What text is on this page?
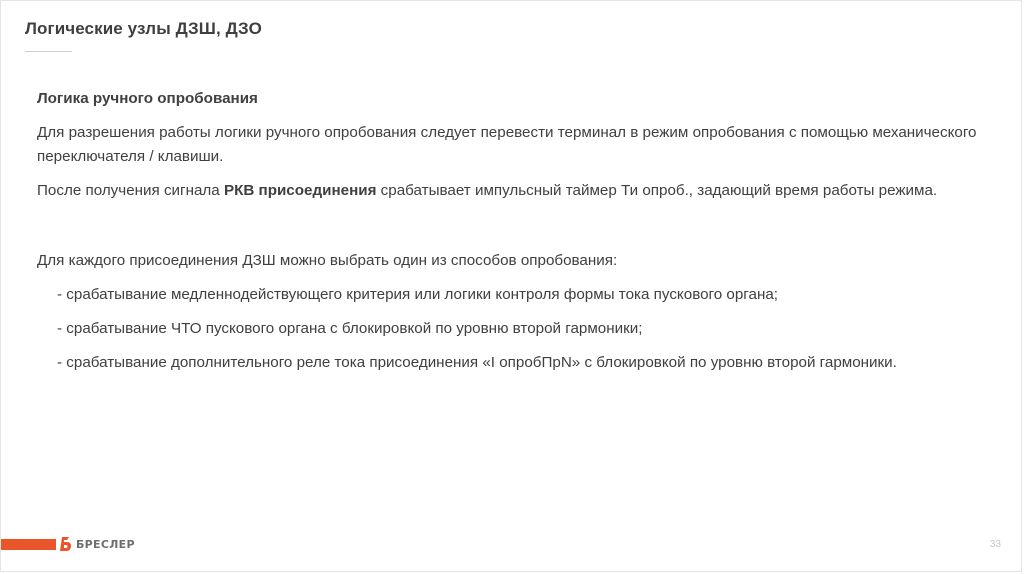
Логические узлы ДЗШ, ДЗО

Логика ручного опробования

Для разрешения работы логики ручного опробования следует перевести терминал в режим опробования с помощью механического переключателя / клавиши.

После получения сигнала РКВ присоединения срабатывает импульсный таймер Ти опроб., задающий время работы режима.

Для каждого присоединения ДЗШ можно выбрать один из способов опробования:

- срабатывание медленнодействующего критерия или логики контроля формы тока пускового органа;

- срабатывание ЧТО пускового органа с блокировкой по уровню второй гармоники;

- срабатывание дополнительного реле тока присоединения «I опробПрN» с блокировкой по уровню второй гармоники.

БРЕСЛЕР	33
